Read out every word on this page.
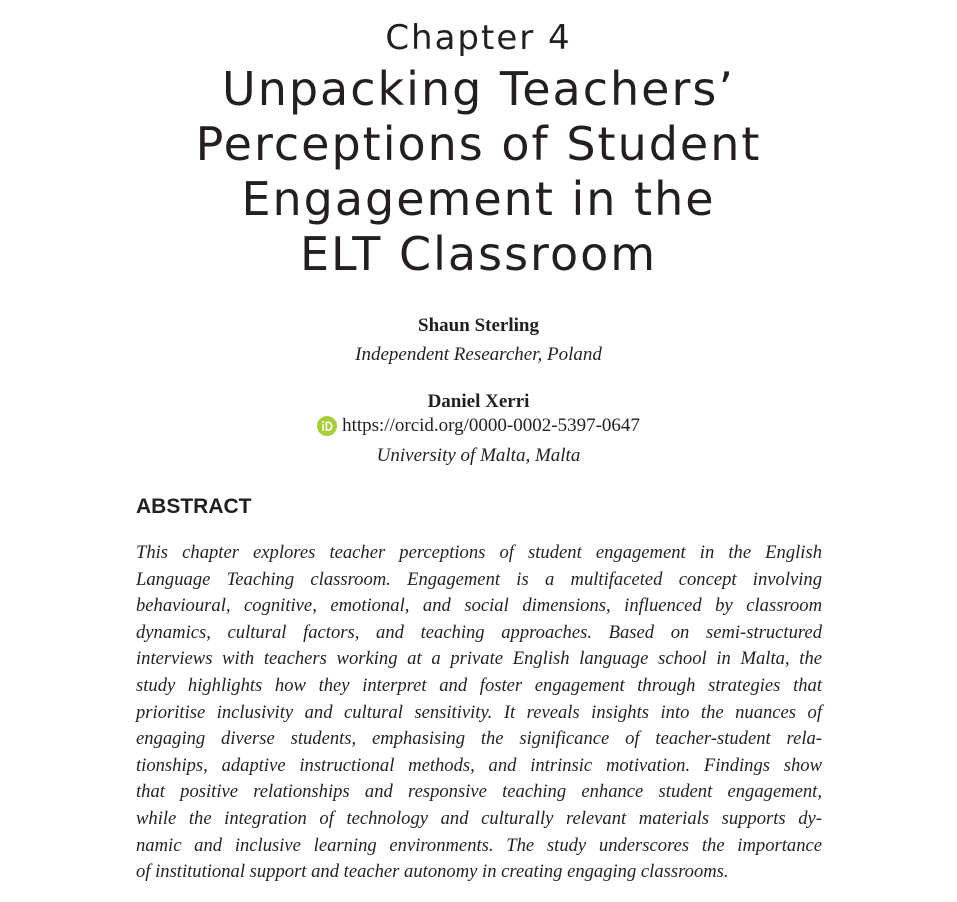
Chapter 4
Unpacking Teachers’
Perceptions of Student
Engagement in the
ELT Classroom
Shaun Sterling
Independent Researcher, Poland
Daniel Xerri
https://orcid.org/0000-0002-5397-0647
University of Malta, Malta
ABSTRACT
This chapter explores teacher perceptions of student engagement in the English
Language Teaching classroom. Engagement is a multifaceted concept involving
behavioural, cognitive, emotional, and social dimensions, influenced by classroom
dynamics, cultural factors, and teaching approaches. Based on semi-structured
interviews with teachers working at a private English language school in Malta, the
study highlights how they interpret and foster engagement through strategies that
prioritise inclusivity and cultural sensitivity. It reveals insights into the nuances of
engaging diverse students, emphasising the significance of teacher-student rela-
tionships, adaptive instructional methods, and intrinsic motivation. Findings show
that positive relationships and responsive teaching enhance student engagement,
while the integration of technology and culturally relevant materials supports dy-
namic and inclusive learning environments. The study underscores the importance
of institutional support and teacher autonomy in creating engaging classrooms.
